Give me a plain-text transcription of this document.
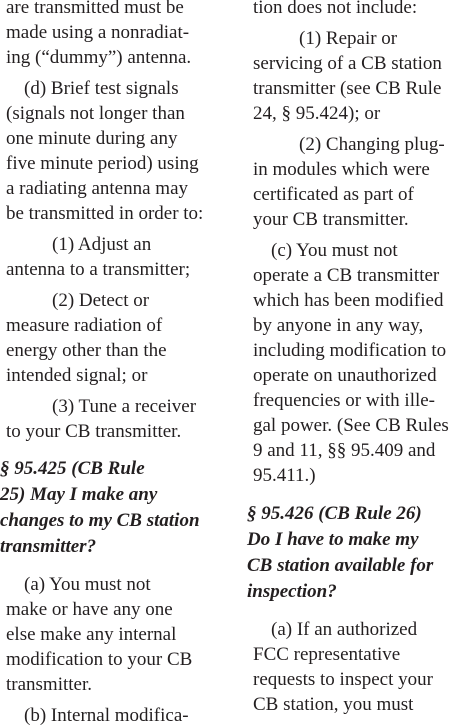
are transmitted must be
made using a nonradiat-
ing (“dummy”) antenna.
(d) Brief test signals
(signals not longer than
one minute during any
five minute period) using
a radiating antenna may
be transmitted in order to:
(1) Adjust an
antenna to a transmitter;
(2) Detect or
measure radiation of
energy other than the
intended signal; or
(3) Tune a receiver
to your CB transmitter.
§ 95.425 (CB Rule
25) May I make any
changes to my CB station
transmitter?
(a) You must not
make or have any one
else make any internal
modification to your CB
transmitter.
(b) Internal modifica-
tion does not include:
(1) Repair or
servicing of a CB station
transmitter (see CB Rule
24, § 95.424); or
(2) Changing plug-
in modules which were
certificated as part of
your CB transmitter.
(c) You must not
operate a CB transmitter
which has been modified
by anyone in any way,
including modification to
operate on unauthorized
frequencies or with ille-
gal power. (See CB Rules
9 and 11, §§ 95.409 and
95.411.)
§ 95.426 (CB Rule 26)
Do I have to make my
CB station available for
inspection?
(a) If an authorized
FCC representative
requests to inspect your
CB station, you must
